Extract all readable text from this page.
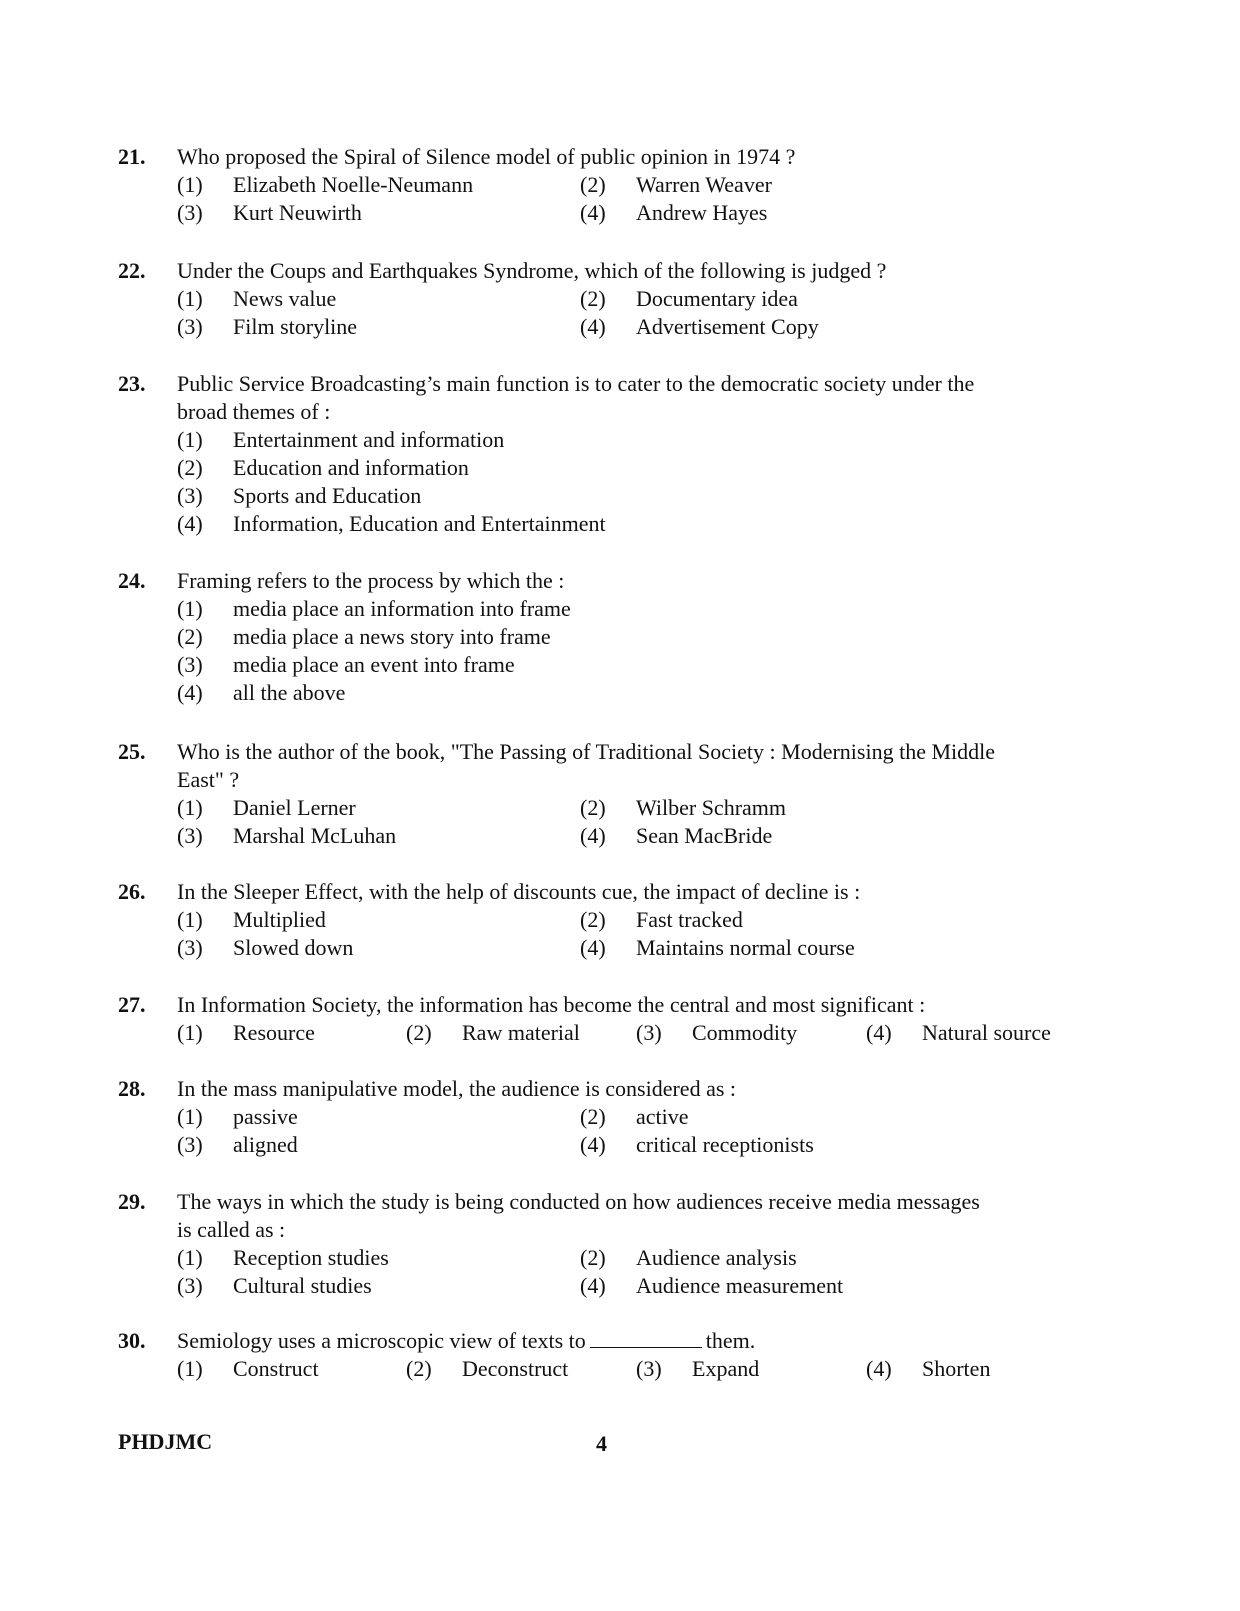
21.	Who proposed the Spiral of Silence model of public opinion in 1974 ?
(1) Elizabeth Noelle-Neumann	(2) Warren Weaver
(3) Kurt Neuwirth	(4) Andrew Hayes
22.	Under the Coups and Earthquakes Syndrome, which of the following is judged ?
(1) News value	(2) Documentary idea
(3) Film storyline	(4) Advertisement Copy
23.	Public Service Broadcasting’s main function is to cater to the democratic society under the
broad themes of :
(1) Entertainment and information
(2) Education and information
(3) Sports and Education
(4) Information, Education and Entertainment
24.	Framing refers to the process by which the :
(1) media place an information into frame
(2) media place a news story into frame
(3) media place an event into frame
(4) all the above
25.	Who is the author of the book, "The Passing of Traditional Society : Modernising the Middle
East" ?
(1) Daniel Lerner	(2) Wilber Schramm
(3) Marshal McLuhan	(4) Sean MacBride
26.	In the Sleeper Effect, with the help of discounts cue, the impact of decline is :
(1) Multiplied	(2) Fast tracked
(3) Slowed down	(4) Maintains normal course
27.	In Information Society, the information has become the central and most significant :
(1) Resource	(2) Raw material	(3) Commodity	(4) Natural source
28.	In the mass manipulative model, the audience is considered as :
(1) passive	(2) active
(3) aligned	(4) critical receptionists
29.	The ways in which the study is being conducted on how audiences receive media messages
is called as :
(1) Reception studies	(2) Audience analysis
(3) Cultural studies	(4) Audience measurement
30.	Semiology uses a microscopic view of texts to	them.
(1) Construct	(2) Deconstruct	(3) Expand	(4) Shorten
PHDJMC	4
